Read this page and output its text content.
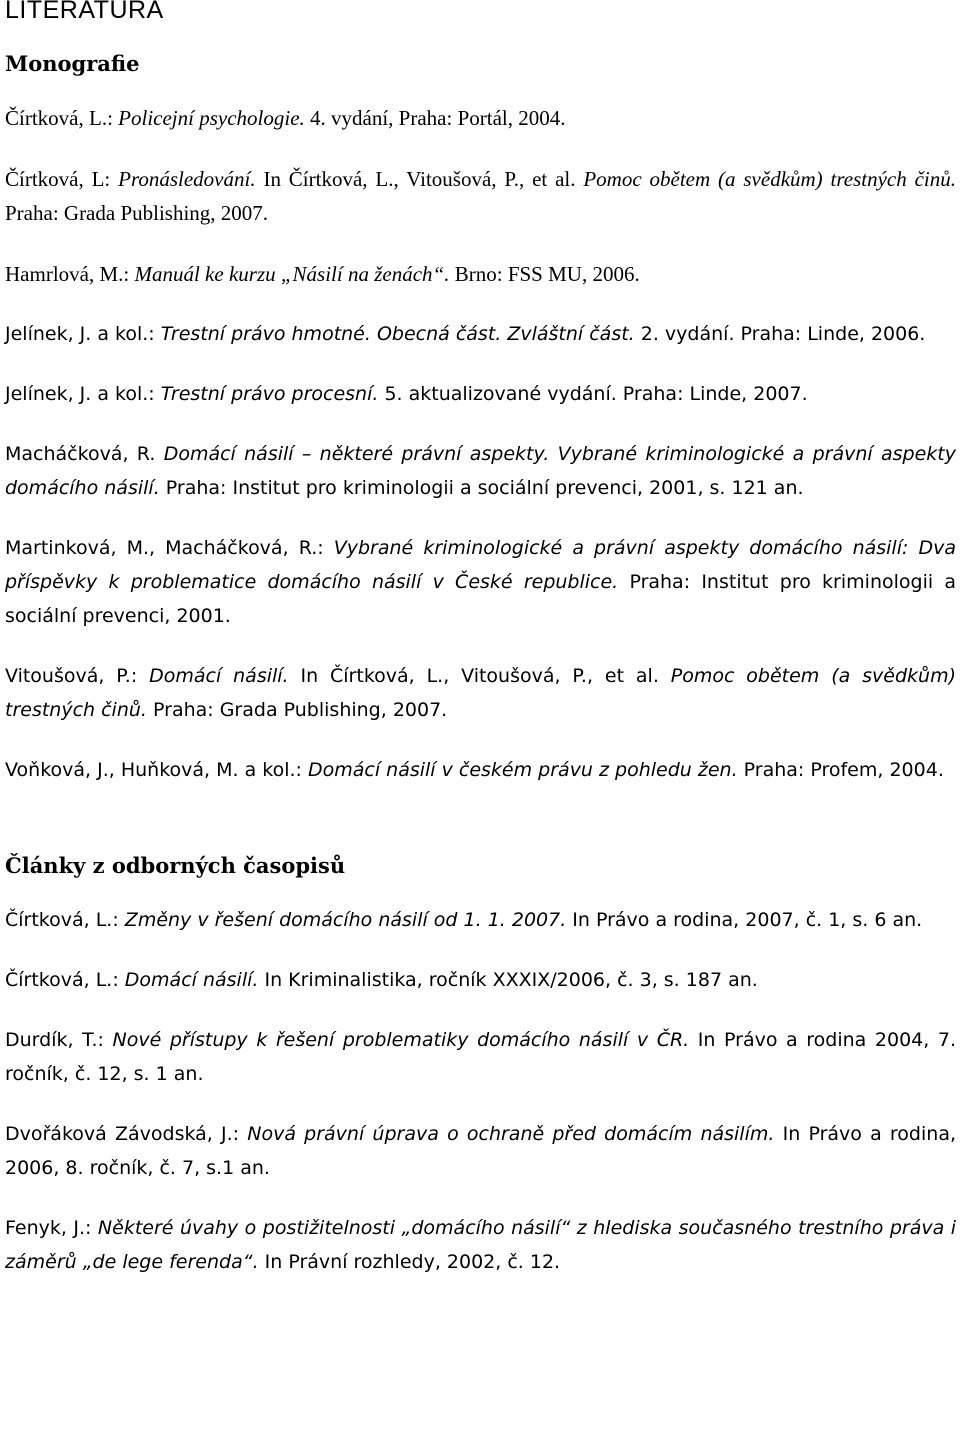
LITERATURA
Monografie

Čírtková, L.: Policejní psychologie. 4. vydání, Praha: Portál, 2004.

Čírtková, L: Pronásledování. In Čírtková, L., Vitoušová, P., et al. Pomoc obětem (a svědkům) trestných činů. Praha: Grada Publishing, 2007.

Hamrlová, M.: Manuál ke kurzu „Násilí na ženách“. Brno: FSS MU, 2006.

Jelínek, J. a kol.: Trestní právo hmotné. Obecná část. Zvláštní část. 2. vydání. Praha: Linde, 2006.

Jelínek, J. a kol.: Trestní právo procesní. 5. aktualizované vydání. Praha: Linde, 2007.

Macháčková, R. Domácí násilí – některé právní aspekty. Vybrané kriminologické a právní aspekty domácího násilí. Praha: Institut pro kriminologii a sociální prevenci, 2001, s. 121 an.

Martinková, M., Macháčková, R.: Vybrané kriminologické a právní aspekty domácího násilí: Dva příspěvky k problematice domácího násilí v České republice. Praha: Institut pro kriminologii a sociální prevenci, 2001.

Vitoušová, P.: Domácí násilí. In Čírtková, L., Vitoušová, P., et al. Pomoc obětem (a svědkům) trestných činů. Praha: Grada Publishing, 2007.

Voňková, J., Huňková, M. a kol.: Domácí násilí v českém právu z pohledu žen. Praha: Profem, 2004.

Články z odborných časopisů

Čírtková, L.: Změny v řešení domácího násilí od 1. 1. 2007. In Právo a rodina, 2007, č. 1, s. 6 an.

Čírtková, L.: Domácí násilí. In Kriminalistika, ročník XXXIX/2006, č. 3, s. 187 an.

Durdík, T.: Nové přístupy k řešení problematiky domácího násilí v ČR. In Právo a rodina 2004, 7. ročník, č. 12, s. 1 an.

Dvořáková Závodská, J.: Nová právní úprava o ochraně před domácím násilím. In Právo a rodina, 2006, 8. ročník, č. 7, s.1 an.

Fenyk, J.: Některé úvahy o postižitelnosti „domácího násilí“ z hlediska současného trestního práva i záměrů „de lege ferenda“. In Právní rozhledy, 2002, č. 12.
